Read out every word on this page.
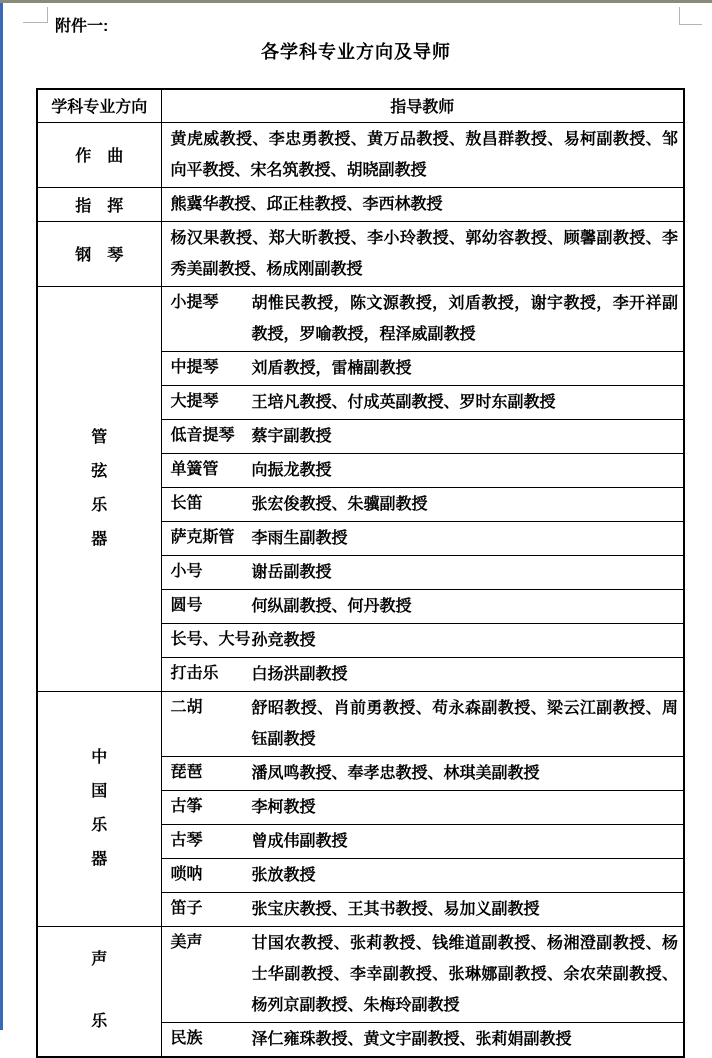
附件一:
各学科专业方向及导师
学科专业方向	指导教师
作　曲	黄虎威教授、李忠勇教授、黄万品教授、敖昌群教授、易柯副教授、邹向平教授、宋名筑教授、胡晓副教授
指　挥	熊冀华教授、邱正桂教授、李西林教授
钢　琴	杨汉果教授、郑大昕教授、李小玲教授、郭幼容教授、顾馨副教授、李秀美副教授、杨成刚副教授

管
弦
乐
器

小提琴	胡惟民教授，陈文源教授，刘盾教授，谢宇教授，李开祥副教授，罗喻教授，程泽威副教授

	中提琴 刘盾教授，雷楠副教授

	大提琴 王培凡教授、付成英副教授、罗时东副教授

	低音提琴 蔡宇副教授

	单簧管 向振龙教授

	长笛 张宏俊教授、朱骥副教授

	萨克斯管 李雨生副教授

	小号 谢岳副教授

	圆号 何纵副教授、何丹教授

	长号、大号 孙竞教授

	打击乐 白扬洪副教授

中
国
乐
器

二胡	舒昭教授、肖前勇教授、苟永森副教授、梁云江副教授、周钰副教授

	琵琶 潘凤鸣教授、奉孝忠教授、林琪美副教授

	古筝 李柯教授

	古琴 曾成伟副教授

	唢呐 张放教授

	笛子 张宝庆教授、王其书教授、易加义副教授

声
乐

美声	甘国农教授、张莉教授、钱维道副教授、杨湘澄副教授、杨士华副教授、李幸副教授、张琳娜副教授、余农荣副教授、杨列京副教授、朱梅玲副教授

	民族 泽仁雍珠教授、黄文宇副教授、张莉娟副教授
